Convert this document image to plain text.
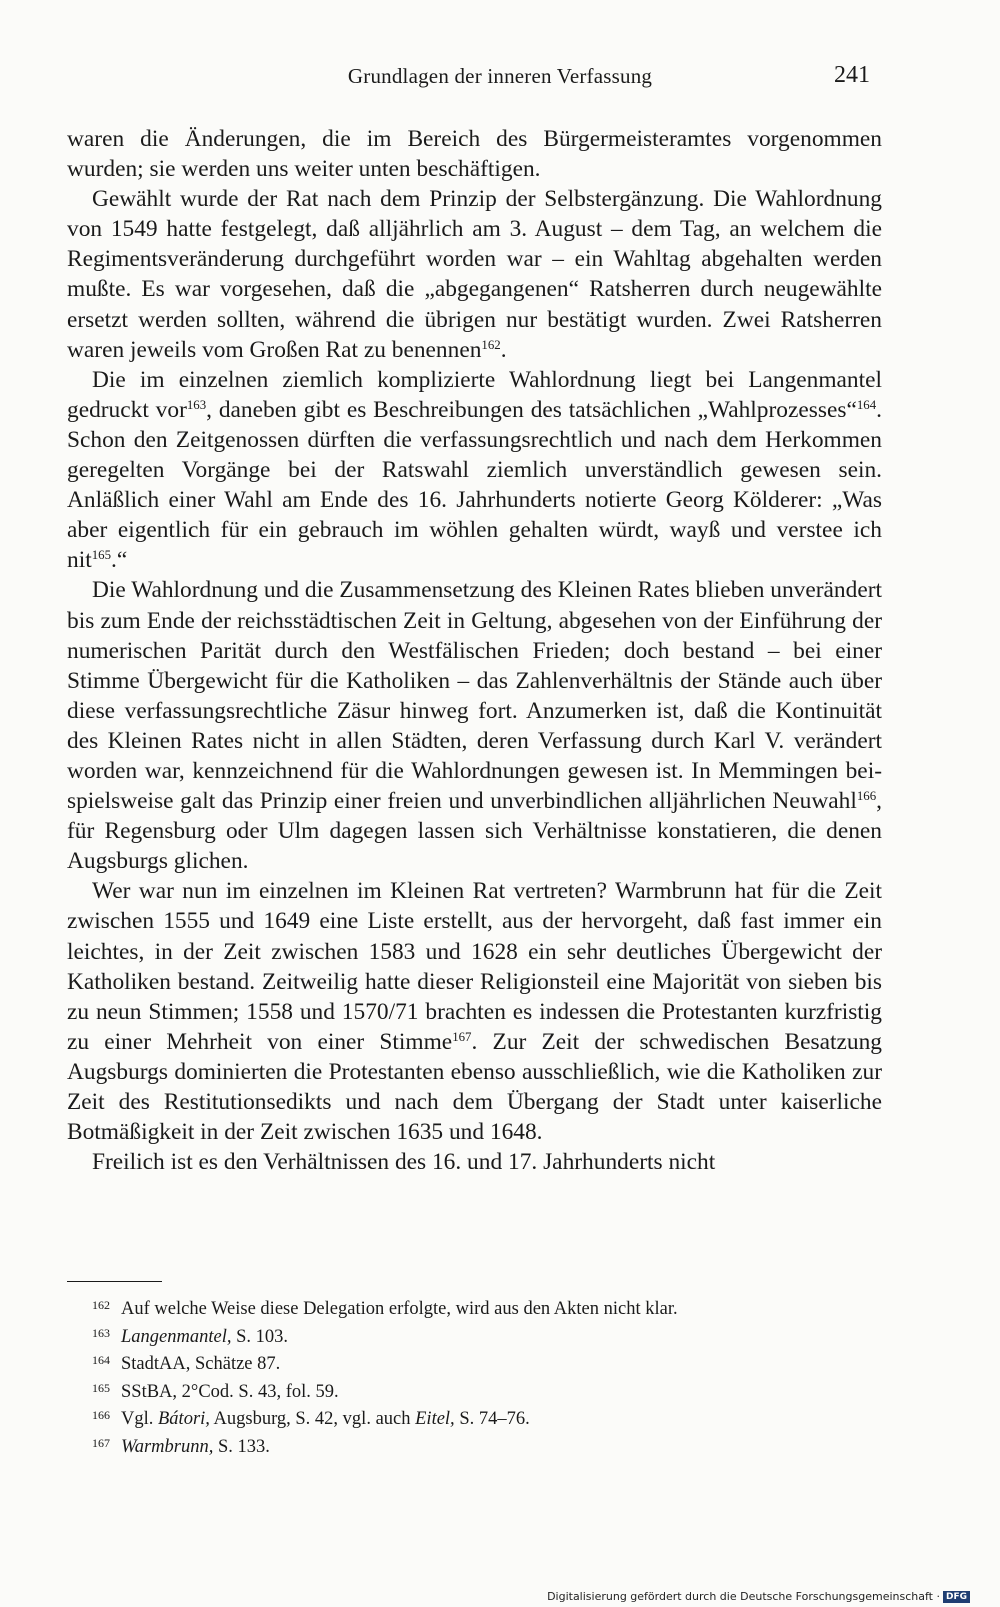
Grundlagen der inneren Verfassung	241

waren die Änderungen, die im Bereich des Bürgermeisteramtes vorgenommen wurden; sie werden uns weiter unten beschäftigen.

Gewählt wurde der Rat nach dem Prinzip der Selbstergänzung. Die Wahlordnung von 1549 hatte festgelegt, daß alljährlich am 3. August – dem Tag, an welchem die Regimentsveränderung durchgeführt worden war – ein Wahltag abgehalten werden mußte. Es war vorgesehen, daß die „abgegangenen“ Ratsherren durch neugewählte ersetzt werden sollten, während die übrigen nur bestätigt wurden. Zwei Ratsherren waren jeweils vom Großen Rat zu benennen$^{162}$.

Die im einzelnen ziemlich komplizierte Wahlordnung liegt bei Langenmantel gedruckt vor$^{163}$, daneben gibt es Beschreibungen des tatsächlichen „Wahlprozesses“$^{164}$. Schon den Zeitgenossen dürften die verfassungsrechtlich und nach dem Herkommen geregelten Vorgänge bei der Ratswahl ziemlich unverständlich gewesen sein. Anläßlich einer Wahl am Ende des 16. Jahrhunderts notierte Georg Kölderer: „Was aber eigentlich für ein gebrauch im wöhlen gehalten würdt, wayß und verstee ich nit$^{165}$.“

Die Wahlordnung und die Zusammensetzung des Kleinen Rates blieben unverändert bis zum Ende der reichsstädtischen Zeit in Geltung, abgesehen von der Einführung der numerischen Parität durch den Westfälischen Frieden; doch bestand – bei einer Stimme Übergewicht für die Katholiken – das Zahlenverhältnis der Stände auch über diese verfassungsrechtliche Zäsur hinweg fort. Anzumerken ist, daß die Kontinuität des Kleinen Rates nicht in allen Städten, deren Verfassung durch Karl V. verändert worden war, kennzeichnend für die Wahlordnungen gewesen ist. In Memmingen beispielsweise galt das Prinzip einer freien und unverbindlichen alljährlichen Neuwahl$^{166}$, für Regensburg oder Ulm dagegen lassen sich Verhältnisse konstatieren, die denen Augsburgs glichen.

Wer war nun im einzelnen im Kleinen Rat vertreten? Warmbrunn hat für die Zeit zwischen 1555 und 1649 eine Liste erstellt, aus der hervorgeht, daß fast immer ein leichtes, in der Zeit zwischen 1583 und 1628 ein sehr deutliches Übergewicht der Katholiken bestand. Zeitweilig hatte dieser Religionsteil eine Majorität von sieben bis zu neun Stimmen; 1558 und 1570/71 brachten es indessen die Protestanten kurzfristig zu einer Mehrheit von einer Stimme$^{167}$. Zur Zeit der schwedischen Besatzung Augsburgs dominierten die Protestanten ebenso ausschließlich, wie die Katholiken zur Zeit des Restitutionsedikts und nach dem Übergang der Stadt unter kaiserliche Botmäßigkeit in der Zeit zwischen 1635 und 1648.

Freilich ist es den Verhältnissen des 16. und 17. Jahrhunderts nicht

162 Auf welche Weise diese Delegation erfolgte, wird aus den Akten nicht klar.
163 Langenmantel, S. 103.
164 StadtAA, Schätze 87.
165 SStBA, 2°Cod. S. 43, fol. 59.
166 Vgl. Bátori, Augsburg, S. 42, vgl. auch Eitel, S. 74–76.
167 Warmbrunn, S. 133.
Digitalisierung gefördert durch die Deutsche Forschungsgemeinschaft · DFG
